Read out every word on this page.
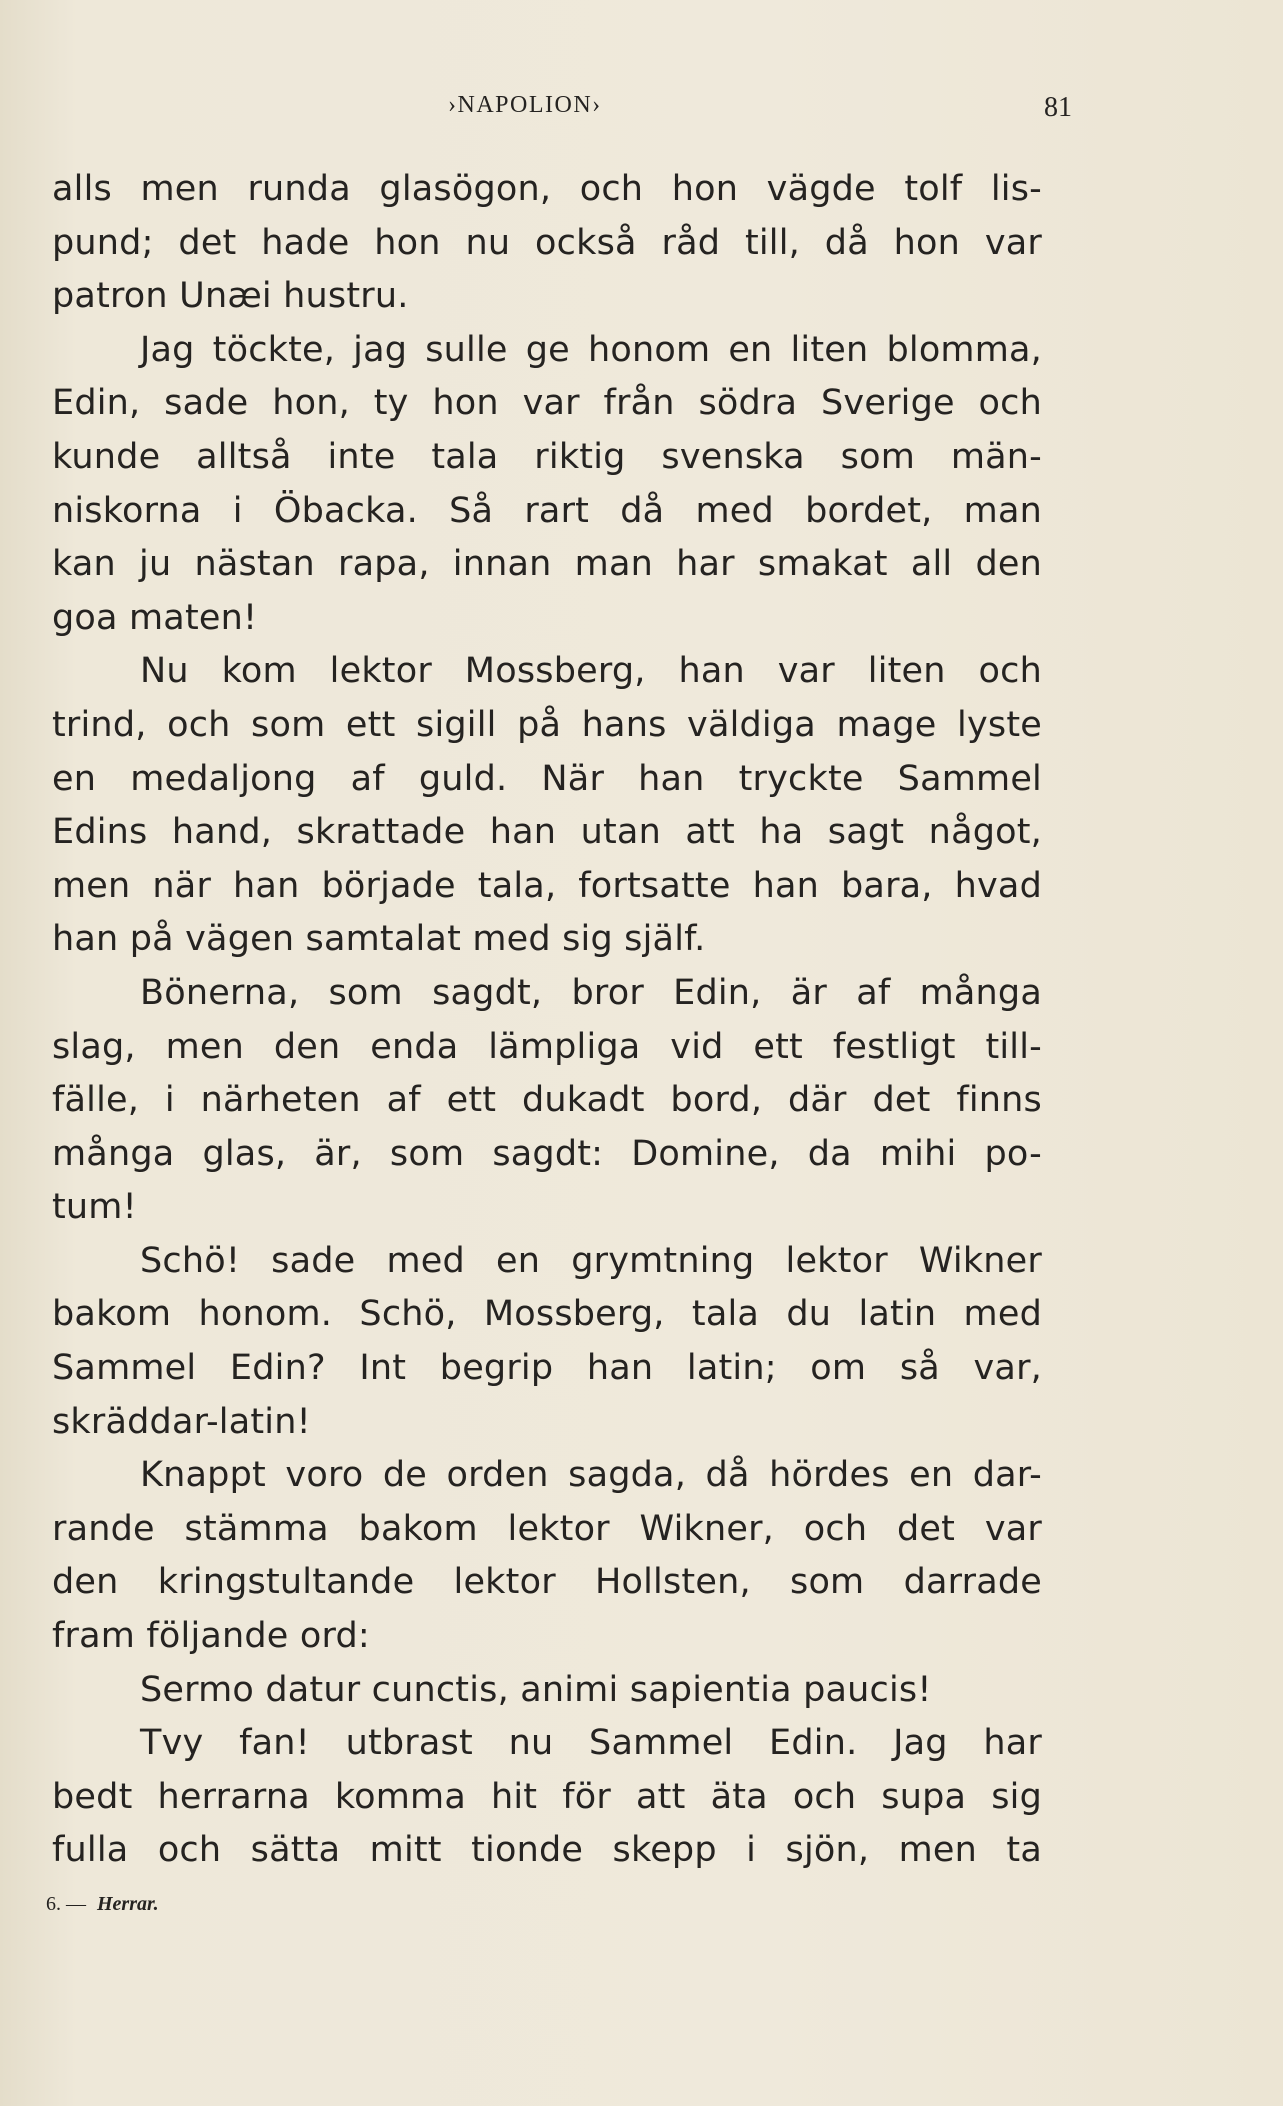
›NAPOLION›	81
alls men runda glasögon, och hon vägde tolf lis-
pund; det hade hon nu också råd till, då hon var
patron Unæi hustru.
Jag töckte, jag sulle ge honom en liten blomma,
Edin, sade hon, ty hon var från södra Sverige och
kunde alltså inte tala riktig svenska som män-
niskorna i Öbacka. Så rart då med bordet, man
kan ju nästan rapa, innan man har smakat all den
goa maten!
Nu kom lektor Mossberg, han var liten och
trind, och som ett sigill på hans väldiga mage lyste
en medaljong af guld. När han tryckte Sammel
Edins hand, skrattade han utan att ha sagt något,
men när han började tala, fortsatte han bara, hvad
han på vägen samtalat med sig själf.
Bönerna, som sagdt, bror Edin, är af många
slag, men den enda lämpliga vid ett festligt till-
fälle, i närheten af ett dukadt bord, där det finns
många glas, är, som sagdt: Domine, da mihi po-
tum!
Schö! sade med en grymtning lektor Wikner
bakom honom. Schö, Mossberg, tala du latin med
Sammel Edin? Int begrip han latin; om så var,
skräddar-latin!
Knappt voro de orden sagda, då hördes en dar-
rande stämma bakom lektor Wikner, och det var
den kringstultande lektor Hollsten, som darrade
fram följande ord:
Sermo datur cunctis, animi sapientia paucis!
Tvy fan! utbrast nu Sammel Edin. Jag har
bedt herrarna komma hit för att äta och supa sig
fulla och sätta mitt tionde skepp i sjön, men ta
6. — Herrar.
